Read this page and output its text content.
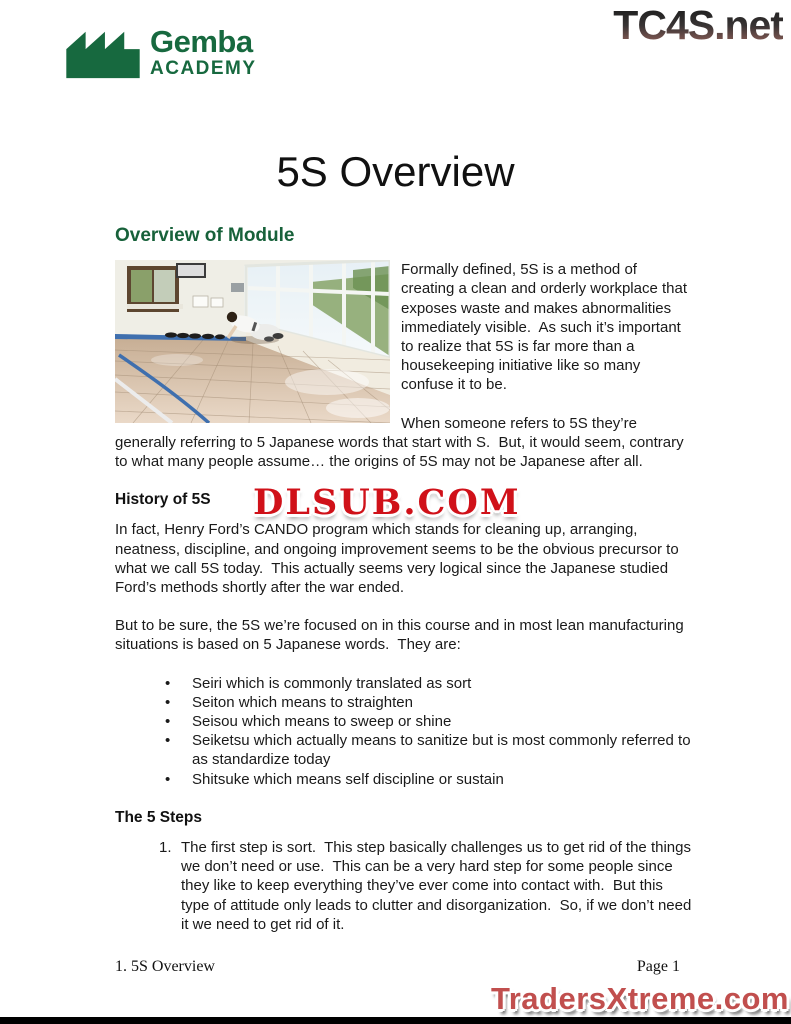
Gemba
ACADEMY
TC4S.net
5S Overview
Overview of Module

Formally defined, 5S is a method of creating a clean and orderly workplace that exposes waste and makes abnormalities immediately visible.  As such it’s important to realize that 5S is far more than a housekeeping initiative like so many confuse it to be.

When someone refers to 5S they’re generally referring to 5 Japanese words that start with S.  But, it would seem, contrary to what many people assume… the origins of 5S may not be Japanese after all.

History of 5S

In fact, Henry Ford’s CANDO program which stands for cleaning up, arranging, neatness, discipline, and ongoing improvement seems to be the obvious precursor to what we call 5S today.  This actually seems very logical since the Japanese studied Ford’s methods shortly after the war ended.

But to be sure, the 5S we’re focused on in this course and in most lean manufacturing situations is based on 5 Japanese words.  They are:

• Seiri which is commonly translated as sort
• Seiton which means to straighten
• Seisou which means to sweep or shine
• Seiketsu which actually means to sanitize but is most commonly referred to as standardize today
• Shitsuke which means self discipline or sustain
The 5 Steps
1. The first step is sort.  This step basically challenges us to get rid of the things we don’t need or use.  This can be a very hard step for some people since they like to keep everything they’ve ever come into contact with.  But this type of attitude only leads to clutter and disorganization.  So, if we don’t need it we need to get rid of it.
DLSUB.COM
1. 5S Overview	Page 1
TradersXtreme.com
